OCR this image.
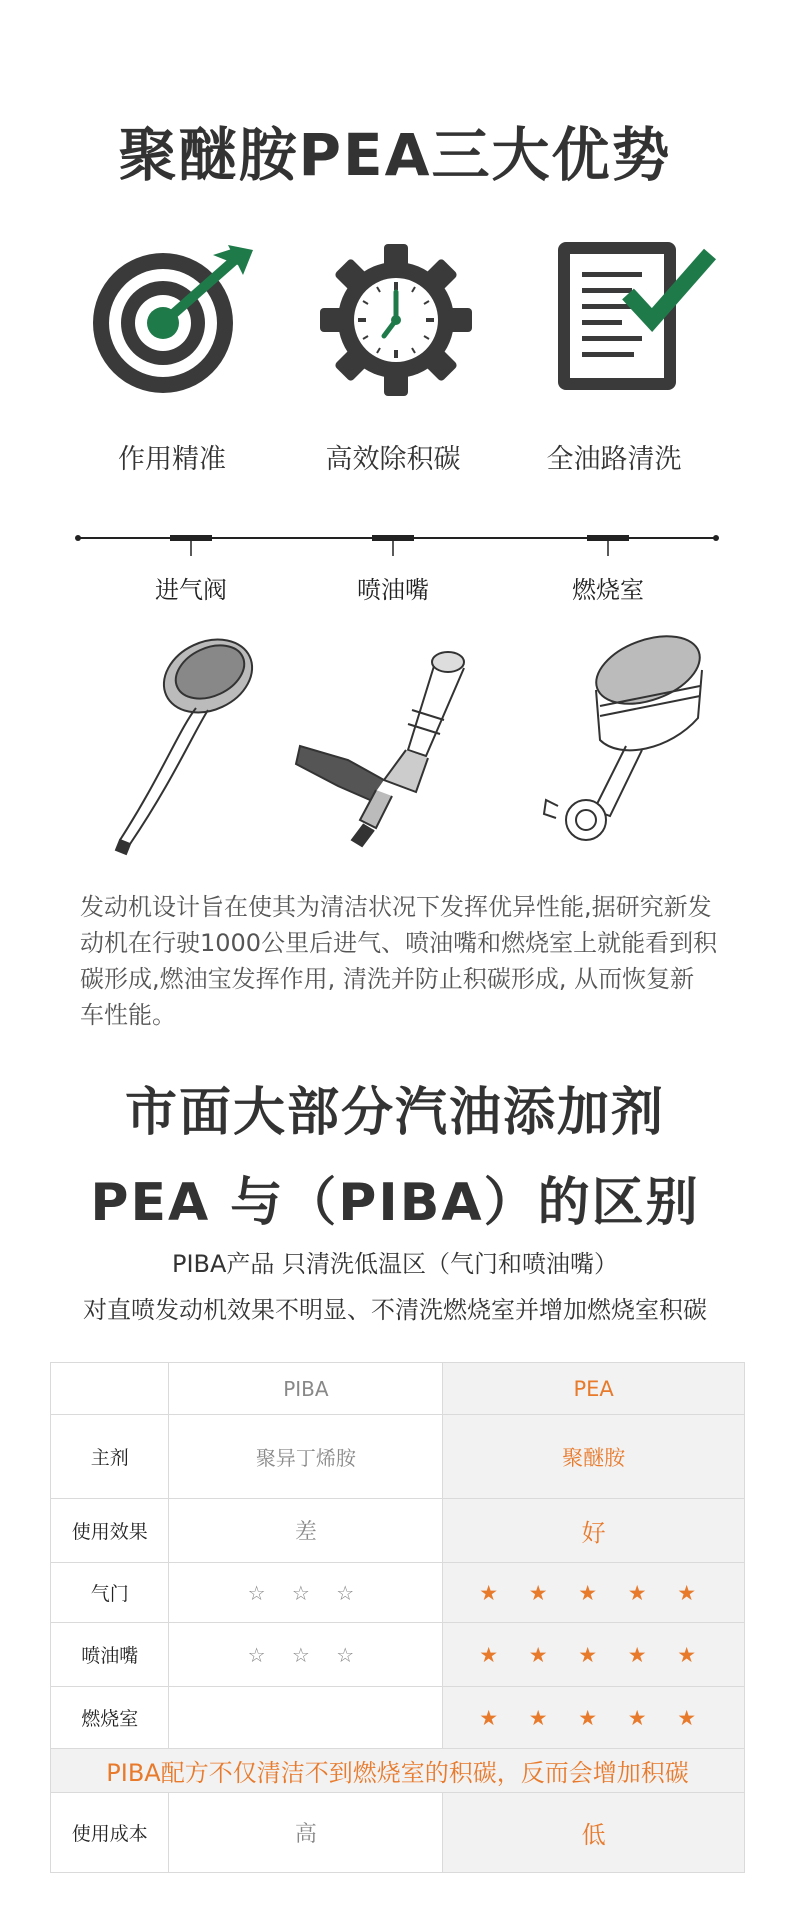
聚醚胺PEA三大优势
作用精准	高效除积碳	全油路清洗
进气阀	喷油嘴	燃烧室
发动机设计旨在使其为清洁状况下发挥优异性能,据研究新发
动机在行驶1000公里后进气、喷油嘴和燃烧室上就能看到积
碳形成,燃油宝发挥作用, 清洗并防止积碳形成, 从而恢复新
车性能。
市面大部分汽油添加剂
PEA 与（PIBA）的区别
PIBA产品 只清洗低温区（气门和喷油嘴）
对直喷发动机效果不明显、不清洗燃烧室并增加燃烧室积碳
	PIBA	PEA
主剂	聚异丁烯胺	聚醚胺
使用效果	差	好
气门	☆ ☆ ☆	★ ★ ★ ★ ★
喷油嘴	☆ ☆ ☆	★ ★ ★ ★ ★
燃烧室		★ ★ ★ ★ ★
PIBA配方不仅清洁不到燃烧室的积碳，反而会增加积碳		
使用成本	高	低
